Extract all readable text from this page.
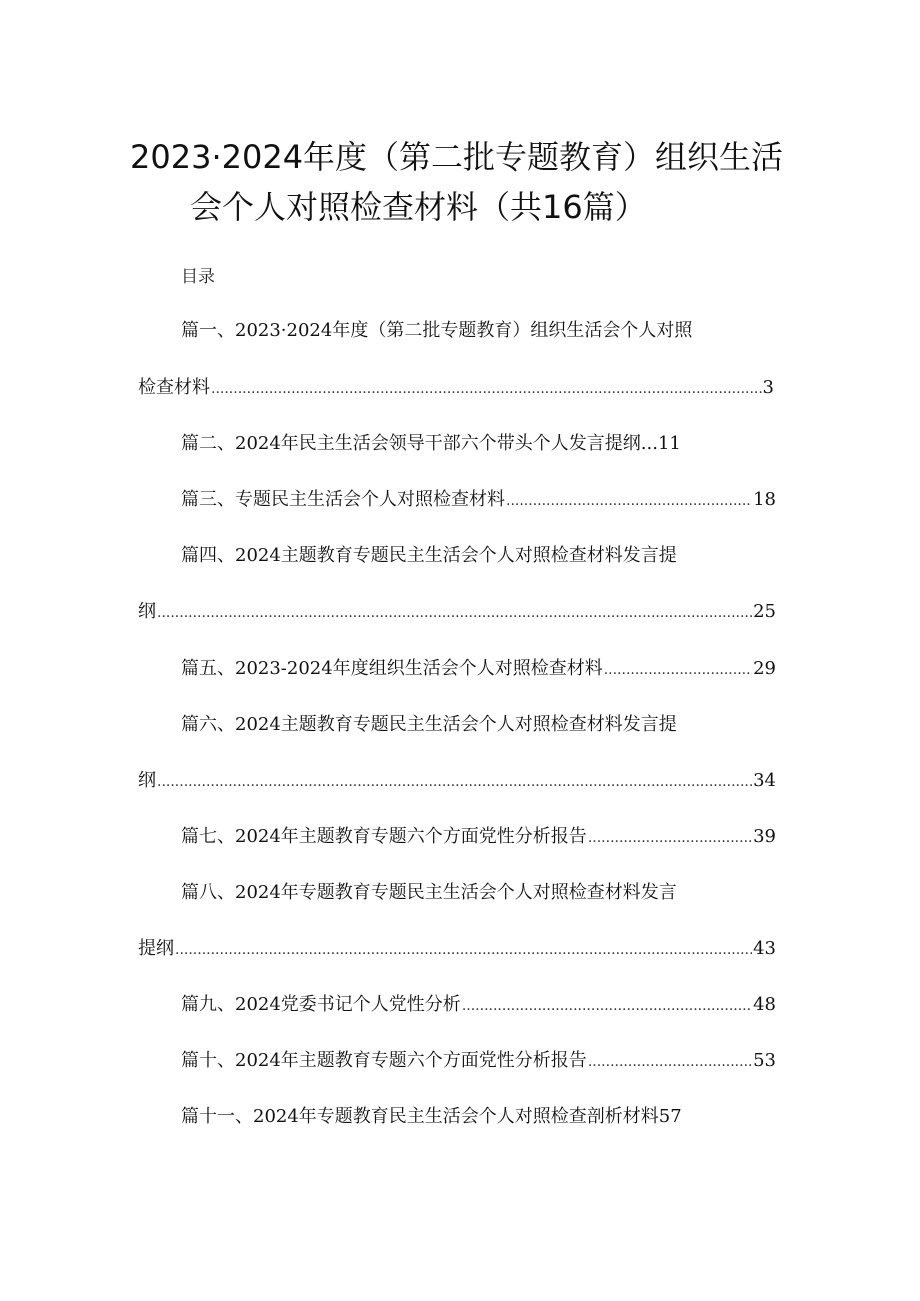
2023·2024年度（第二批专题教育）组织生活
会个人对照检查材料（共16篇）
目录
篇一、2023·2024年度（第二批专题教育）组织生活会个人对照
检查材料 .....	3
篇二、2024年民主生活会领导干部六个带头个人发言提纲...11
篇三、专题民主生活会个人对照检查材料 .....	18
篇四、2024主题教育专题民主生活会个人对照检查材料发言提
纲 .....	25
篇五、2023-2024年度组织生活会个人对照检查材料 .....	29
篇六、2024主题教育专题民主生活会个人对照检查材料发言提
纲 .....	34
篇七、2024年主题教育专题六个方面党性分析报告 .....	39
篇八、2024年专题教育专题民主生活会个人对照检查材料发言
提纲 .....	43
篇九、2024党委书记个人党性分析 .....	48
篇十、2024年主题教育专题六个方面党性分析报告 .....	53
篇十一、2024年专题教育民主生活会个人对照检查剖析材料57
